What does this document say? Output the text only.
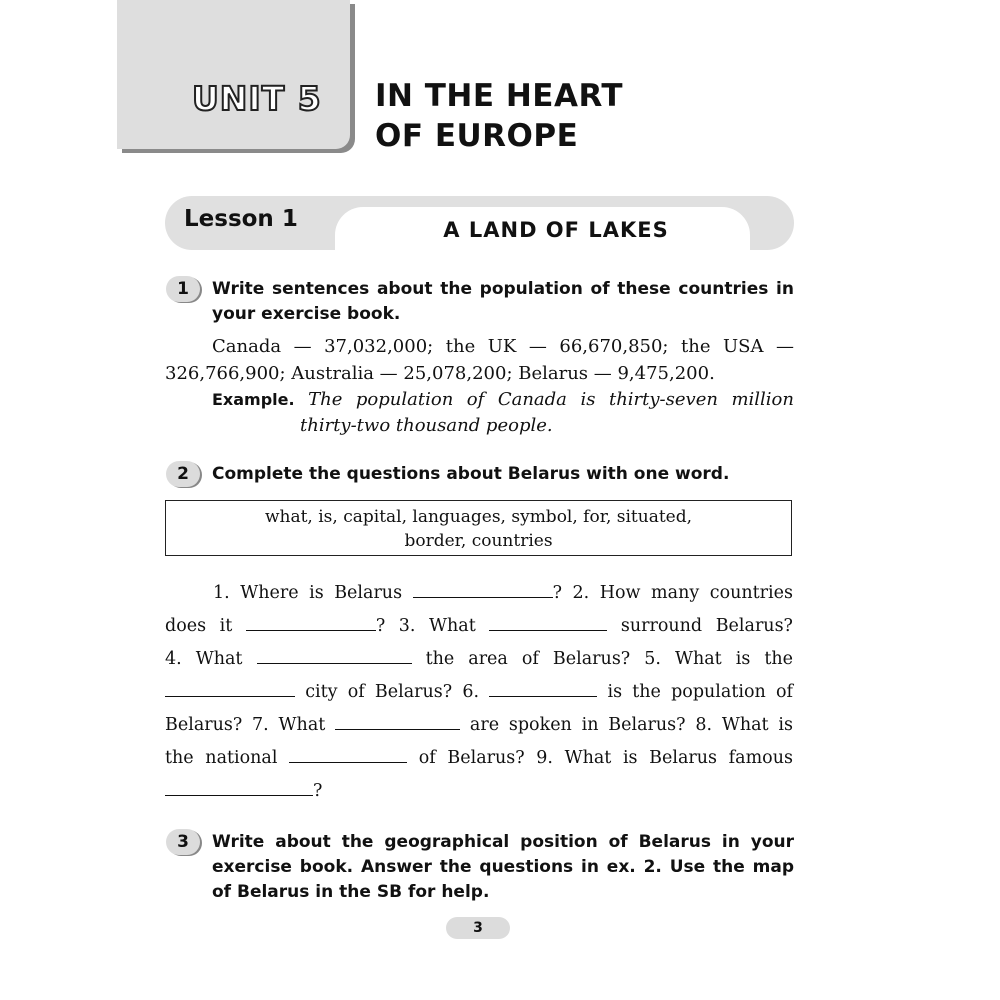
UNIT 5	IN THE HEART
OF EUROPE
Lesson 1	A LAND OF LAKES
1	Write sentences about the population of these countries in your exercise book.
Canada — 37,032,000; the UK — 66,670,850; the USA —
326,766,900; Australia — 25,078,200; Belarus — 9,475,200.
Example. The population of Canada is thirty-seven million
thirty-two thousand people.
2	Complete the questions about Belarus with one word.
what, is, capital, languages, symbol, for, situated,
border, countries
1. Where is Belarus	? 2. How many countries
does it	? 3. What	surround Belarus?
4. What	the area of Belarus? 5. What is the
city of Belarus? 6.	is the population of
Belarus? 7. What	are spoken in Belarus? 8. What is
the national	of Belarus? 9. What is Belarus famous
?
3	Write about the geographical position of Belarus in your exercise book. Answer the questions in ex. 2. Use the map of Belarus in the SB for help.
3
